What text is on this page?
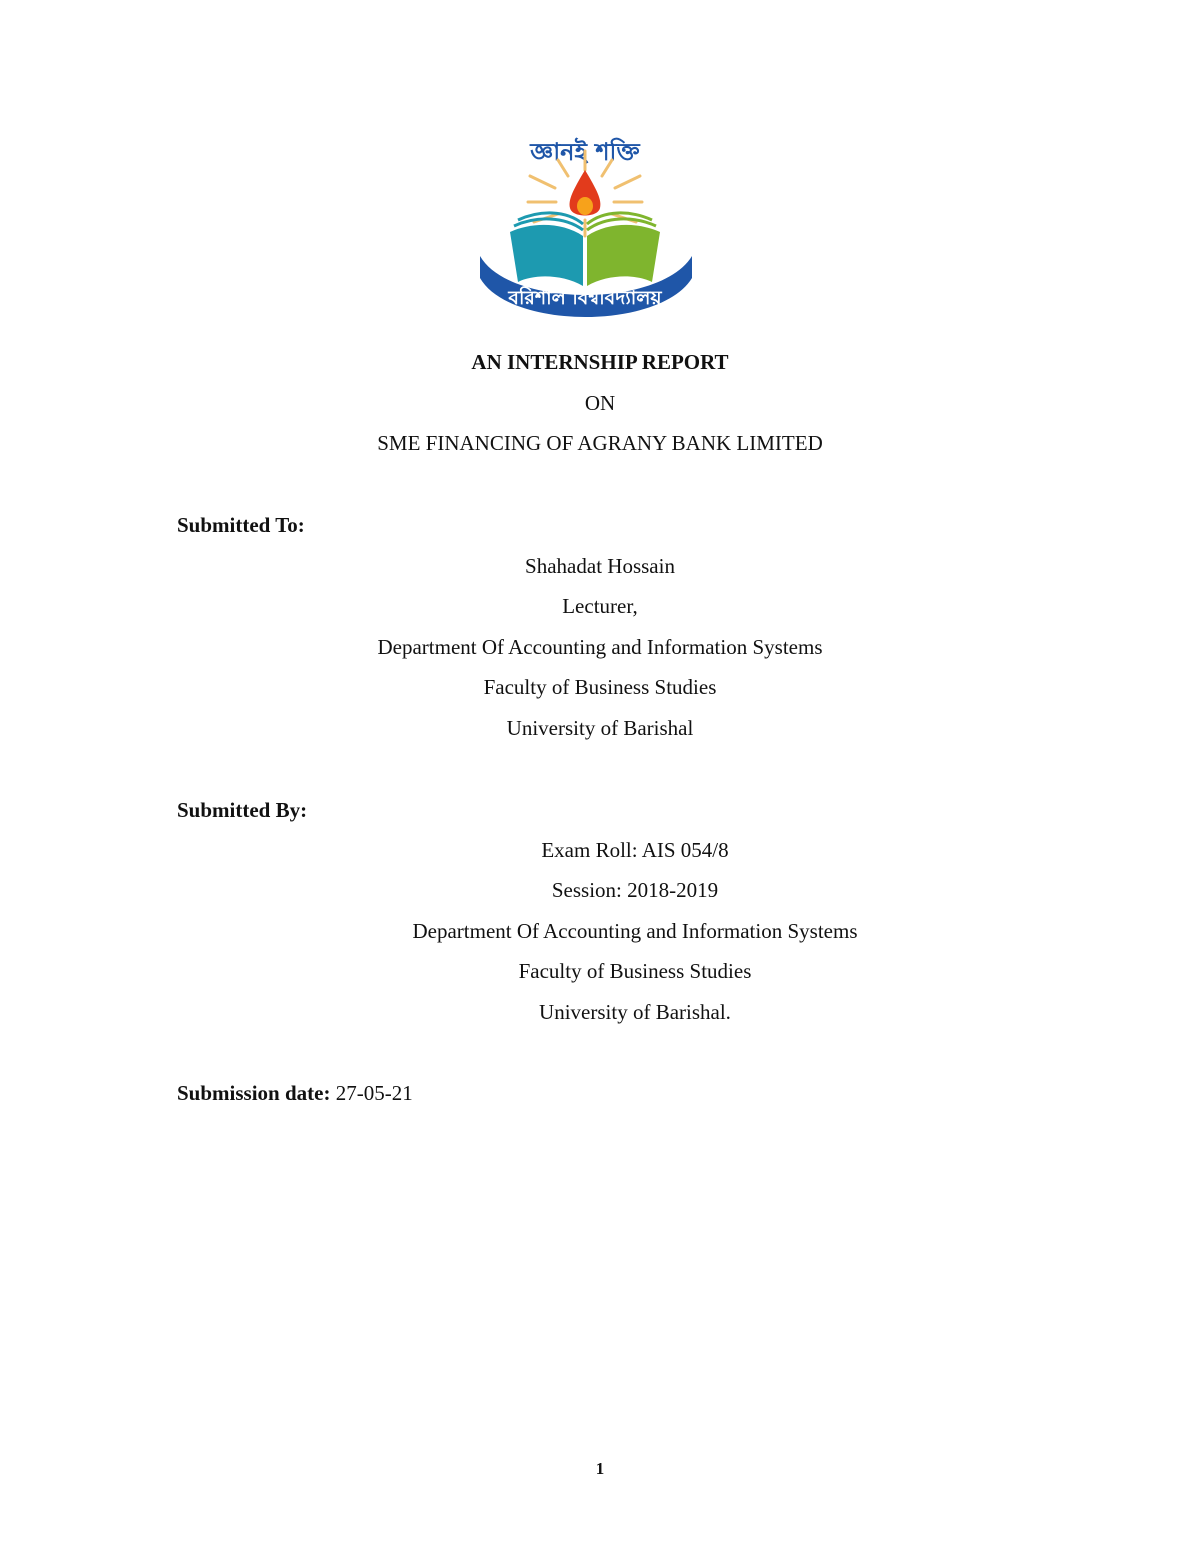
জ্ঞানই শক্তি
বরিশাল বিশ্ববিদ্যালয়
AN INTERNSHIP REPORT
ON
SME FINANCING OF AGRANY BANK LIMITED
Submitted To:
Shahadat Hossain
Lecturer,
Department Of Accounting and Information Systems
Faculty of Business Studies
University of Barishal
Submitted By:
Exam Roll: AIS 054/8
Session: 2018-2019
Department Of Accounting and Information Systems
Faculty of Business Studies
University of Barishal.
Submission date: 27-05-21
1
